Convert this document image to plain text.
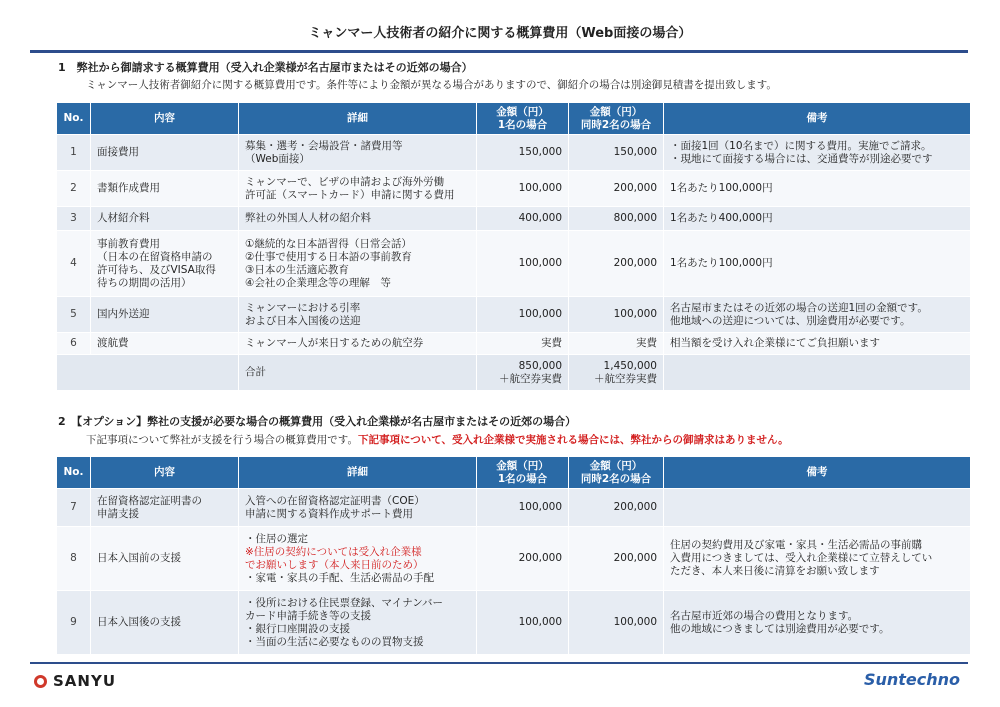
ミャンマー人技術者の紹介に関する概算費用（Web面接の場合）
1　弊社から御請求する概算費用（受入れ企業様が名古屋市またはその近郊の場合）
ミャンマー人技術者御紹介に関する概算費用です。条件等により金額が異なる場合がありますので、御紹介の場合は別途御見積書を提出致します。
No.	内容	詳細	金額（円）
1名の場合	金額（円）
同時2名の場合	備考
1	面接費用	募集・選考・会場設営・諸費用等
（Web面接）	150,000	150,000	・面接1回（10名まで）に関する費用。実施でご請求。
・現地にて面接する場合には、交通費等が別途必要です
2	書類作成費用	ミャンマーで、ビザの申請および海外労働
許可証（スマートカード）申請に関する費用	100,000	200,000	1名あたり100,000円
3	人材紹介料	弊社の外国人人材の紹介料	400,000	800,000	1名あたり400,000円
4	事前教育費用
（日本の在留資格申請の
許可待ち、及びVISA取得
待ちの期間の活用）	①継続的な日本語習得（日常会話）
②仕事で使用する日本語の事前教育
③日本の生活適応教育
④会社の企業理念等の理解　等	100,000	200,000	1名あたり100,000円
5	国内外送迎	ミャンマーにおける引率
および日本入国後の送迎	100,000	100,000	名古屋市またはその近郊の場合の送迎1回の金額です。
他地域への送迎については、別途費用が必要です。
6	渡航費	ミャンマー人が来日するための航空券	実費	実費	相当額を受け入れ企業様にてご負担願います
		合計	850,000
＋航空券実費	1,450,000
＋航空券実費	
2　【オプション】弊社の支援が必要な場合の概算費用（受入れ企業様が名古屋市またはその近郊の場合）
下記事項について弊社が支援を行う場合の概算費用です。下記事項について、受入れ企業様で実施される場合には、弊社からの御請求はありません。
No.	内容	詳細	金額（円）
1名の場合	金額（円）
同時2名の場合	備考
7	在留資格認定証明書の
申請支援	入管への在留資格認定証明書（COE）
申請に関する資料作成サポート費用	100,000	200,000	
8	日本入国前の支援	・住居の選定
※住居の契約については受入れ企業様
でお願いします（本人来日前のため）
・家電・家具の手配、生活必需品の手配	200,000	200,000	住居の契約費用及び家電・家具・生活必需品の事前購
入費用につきましては、受入れ企業様にて立替えしてい
ただき、本人来日後に清算をお願い致します
9	日本入国後の支援	・役所における住民票登録、マイナンバー
カード申請手続き等の支援
・銀行口座開設の支援
・当面の生活に必要なものの買物支援	100,000	100,000	名古屋市近郊の場合の費用となります。
他の地域につきましては別途費用が必要です。
SANYU	Suntechno
